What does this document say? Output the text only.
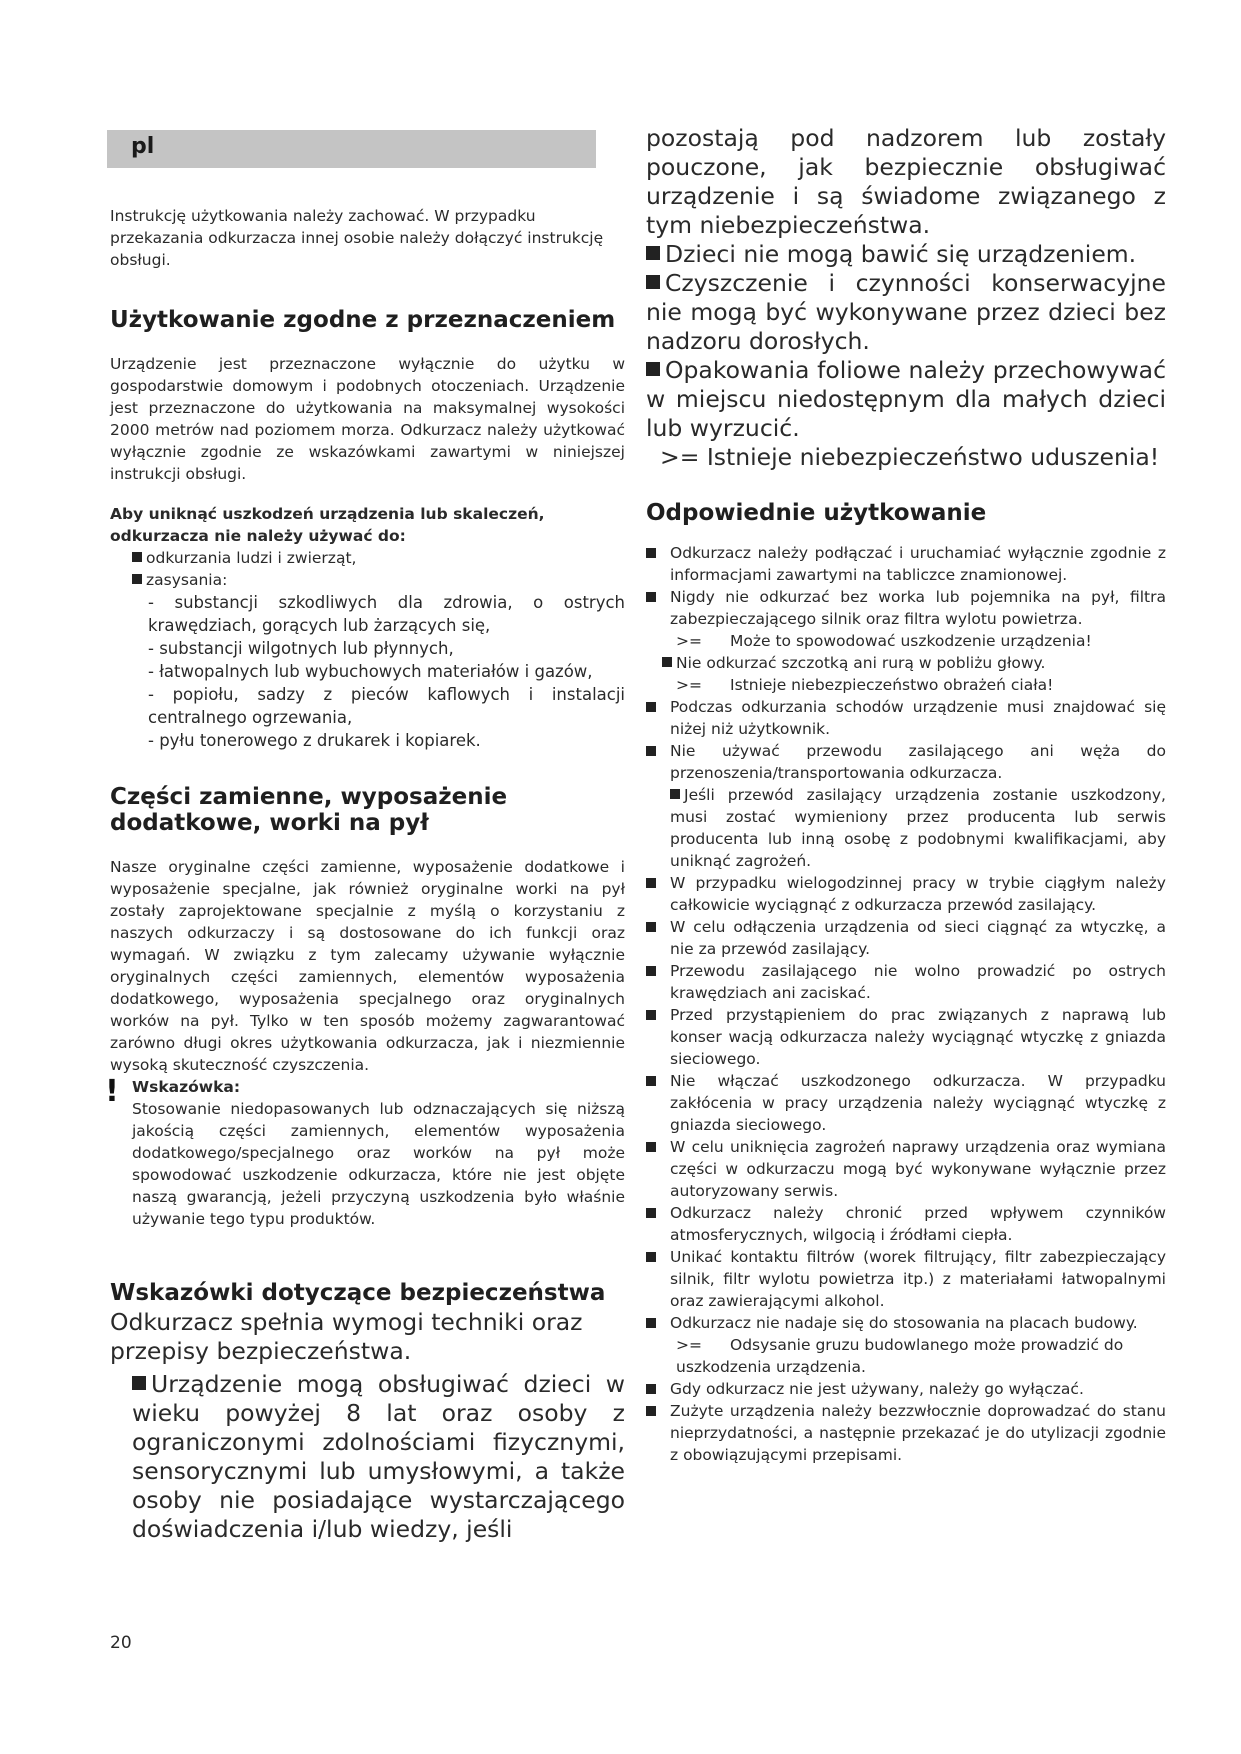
pl

Instrukcję użytkowania należy zachować. W przypadku przekazania odkurzacza innej osobie należy dołączyć instrukcję obsługi.

Użytkowanie zgodne z przeznaczeniem

Urządzenie jest przeznaczone wyłącznie do użytku w gospodarstwie domowym i podobnych otoczeniach. Urządzenie jest przeznaczone do użytkowania na maksymalnej wysokości 2000 metrów nad poziomem morza. Odkurzacz należy użytkować wyłącznie zgodnie ze wskazówkami zawartymi w niniejszej instrukcji obsługi.

Aby uniknąć uszkodzeń urządzenia lub skaleczeń, odkurzacza nie należy używać do:

odkurzania ludzi i zwierząt,
zasysania:

- substancji szkodliwych dla zdrowia, o ostrych krawędziach, gorących lub żarzących się,

- substancji wilgotnych lub płynnych,

- łatwopalnych lub wybuchowych materiałów i gazów,

- popiołu, sadzy z pieców kaflowych i instalacji centralnego ogrzewania,

- pyłu tonerowego z drukarek i kopiarek.

Części zamienne, wyposażenie dodatkowe, worki na pył

Nasze oryginalne części zamienne, wyposażenie dodatkowe i wyposażenie specjalne, jak również oryginalne worki na pył zostały zaprojektowane specjalnie z myślą o korzystaniu z naszych odkurzaczy i są dostosowane do ich funkcji oraz wymagań. W związku z tym zalecamy używanie wyłącznie oryginalnych części zamiennych, elementów wyposażenia dodatkowego, wyposażenia specjalnego oraz oryginalnych worków na pył. Tylko w ten sposób możemy zagwarantować zarówno długi okres użytkowania odkurzacza, jak i niezmiennie wysoką skuteczność czyszczenia.

! Wskazówka:

Stosowanie niedopasowanych lub odznaczających się niższą jakością części zamiennych, elementów wyposażenia dodatkowego/specjalnego oraz worków na pył może spowodować uszkodzenie odkurzacza, które nie jest objęte naszą gwarancją, jeżeli przyczyną uszkodzenia było właśnie używanie tego typu produktów.

Wskazówki dotyczące bezpieczeństwa

Odkurzacz spełnia wymogi techniki oraz przepisy bezpieczeństwa.

Urządzenie mogą obsługiwać dzieci w wieku powyżej 8 lat oraz osoby z ograniczonymi zdolnościami fizycznymi, sensorycznymi lub umysłowymi, a także osoby nie posiadające wystarczającego doświadczenia i/lub wiedzy, jeśli

pozostają pod nadzorem lub zostały pouczone, jak bezpiecznie obsługiwać urządzenie i są świadome związanego z tym niebezpieczeństwa.

Dzieci nie mogą bawić się urządzeniem.

Czyszczenie i czynności konserwacyjne nie mogą być wykonywane przez dzieci bez nadzoru dorosłych.

Opakowania foliowe należy przechowywać w miejscu niedostępnym dla małych dzieci lub wyrzucić.

>= Istnieje niebezpieczeństwo uduszenia!

Odpowiednie użytkowanie
Odkurzacz należy podłączać i uruchamiać wyłącznie zgodnie z informacjami zawartymi na tabliczce znamionowej.
Nigdy nie odkurzać bez worka lub pojemnika na pył, filtra zabezpieczającego silnik oraz filtra wylotu powietrza.
>= Może to spowodować uszkodzenie urządzenia!
Nie odkurzać szczotką ani rurą w pobliżu głowy.
>= Istnieje niebezpieczeństwo obrażeń ciała!
Podczas odkurzania schodów urządzenie musi znajdować się niżej niż użytkownik.
Nie używać przewodu zasilającego ani węża do przenoszenia/transportowania odkurzacza.
Jeśli przewód zasilający urządzenia zostanie uszkodzony, musi zostać wymieniony przez producenta lub serwis producenta lub inną osobę z podobnymi kwalifikacjami, aby uniknąć zagrożeń.
W przypadku wielogodzinnej pracy w trybie ciągłym należy całkowicie wyciągnąć z odkurzacza przewód zasilający.
W celu odłączenia urządzenia od sieci ciągnąć za wtyczkę, a nie za przewód zasilający.
Przewodu zasilającego nie wolno prowadzić po ostrych krawędziach ani zaciskać.
Przed przystąpieniem do prac związanych z naprawą lub konser wacją odkurzacza należy wyciągnąć wtyczkę z gniazda sieciowego.
Nie włączać uszkodzonego odkurzacza. W przypadku zakłócenia w pracy urządzenia należy wyciągnąć wtyczkę z gniazda sieciowego.
W celu uniknięcia zagrożeń naprawy urządzenia oraz wymiana części w odkurzaczu mogą być wykonywane wyłącznie przez autoryzowany serwis.
Odkurzacz należy chronić przed wpływem czynników atmosferycznych, wilgocią i źródłami ciepła.
Unikać kontaktu filtrów (worek filtrujący, filtr zabezpieczający silnik, filtr wylotu powietrza itp.) z materiałami łatwopalnymi oraz zawierającymi alkohol.
Odkurzacz nie nadaje się do stosowania na placach budowy.
>= Odsysanie gruzu budowlanego może prowadzić do uszkodzenia urządzenia.
Gdy odkurzacz nie jest używany, należy go wyłączać.
Zużyte urządzenia należy bezzwłocznie doprowadzać do stanu nieprzydatności, a następnie przekazać je do utylizacji zgodnie z obowiązującymi przepisami.
20
